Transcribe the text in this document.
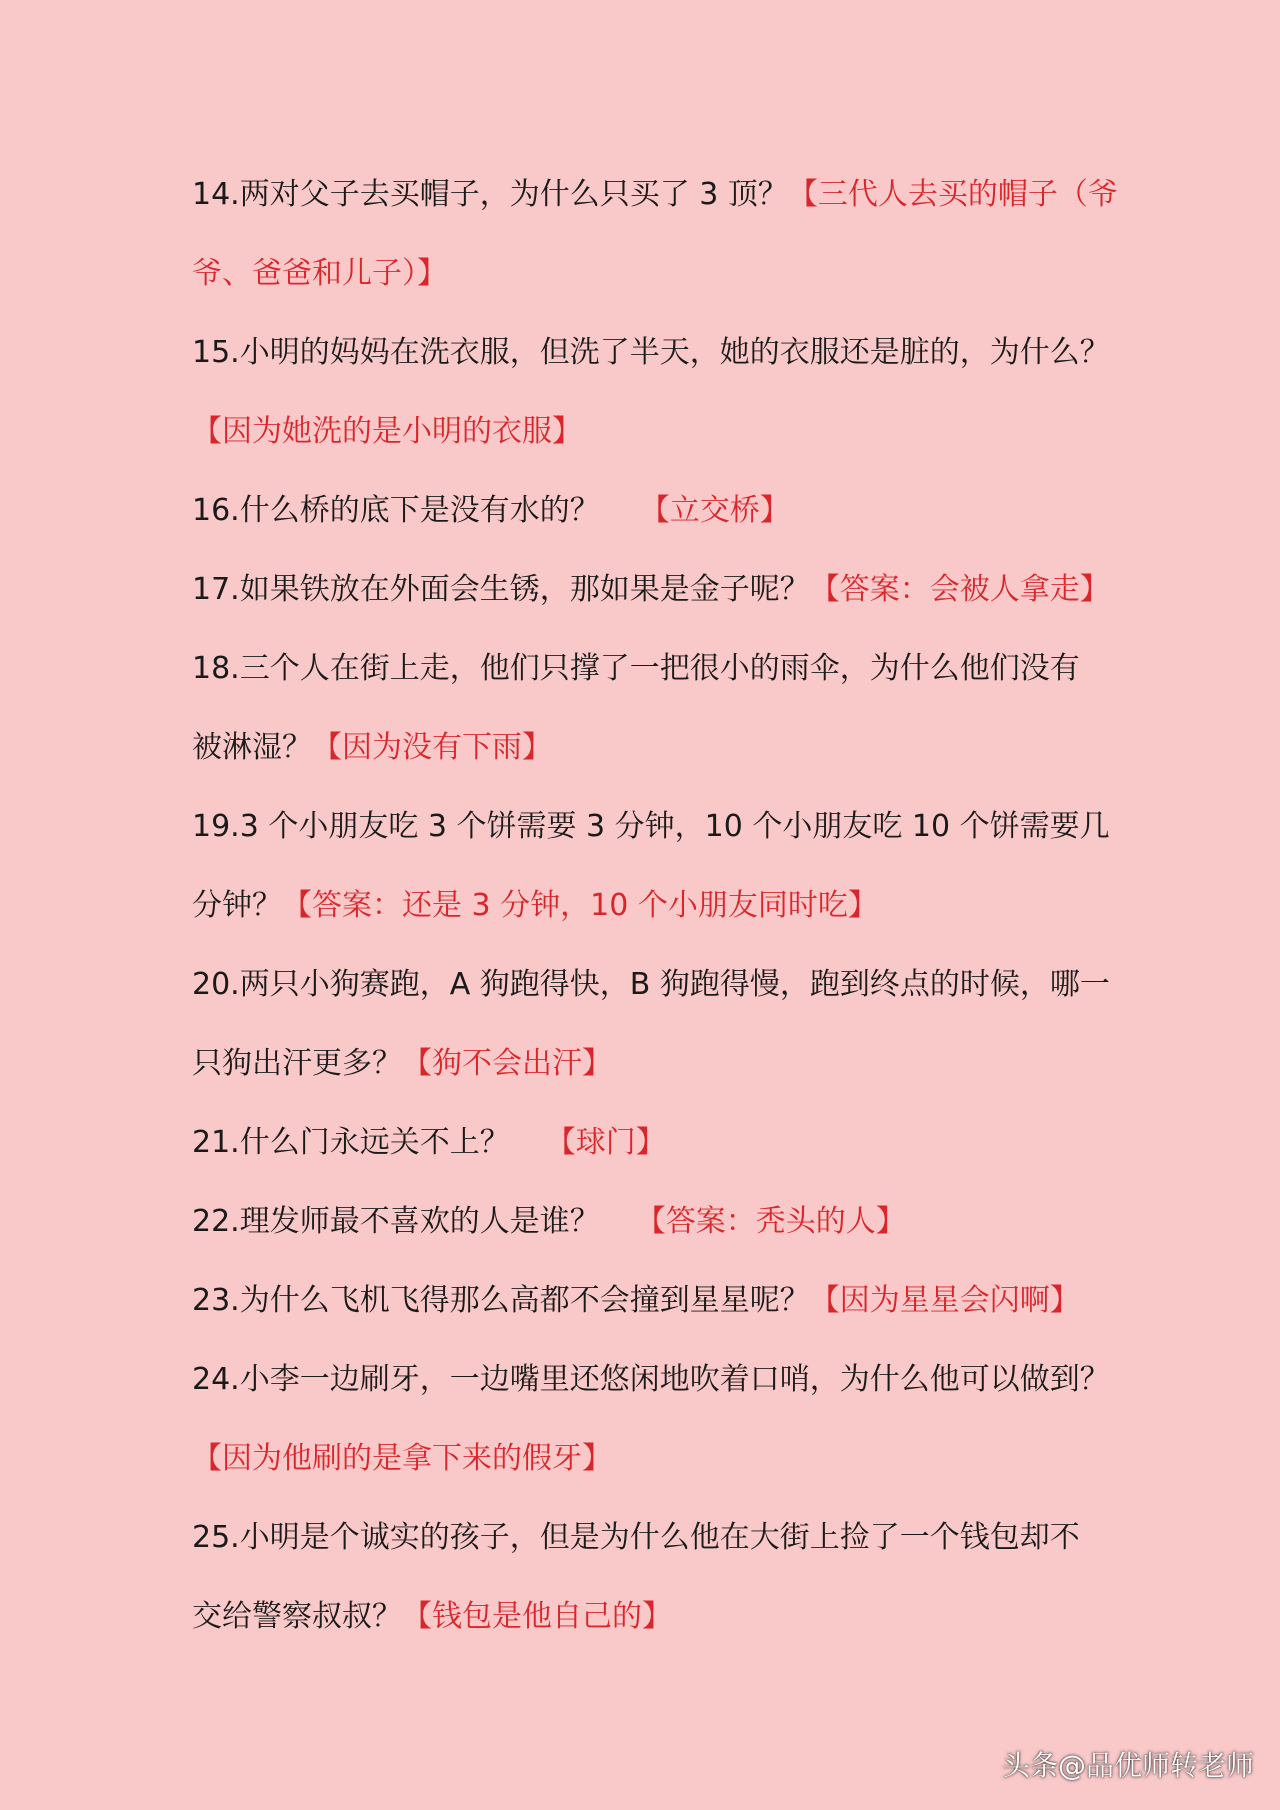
14.两对父子去买帽子，为什么只买了 3 顶？【三代人去买的帽子（爷
爷、爸爸和儿子）】
15.小明的妈妈在洗衣服，但洗了半天，她的衣服还是脏的，为什么？
【因为她洗的是小明的衣服】
16.什么桥的底下是没有水的？ 【立交桥】
17.如果铁放在外面会生锈，那如果是金子呢？【答案：会被人拿走】
18.三个人在街上走，他们只撑了一把很小的雨伞，为什么他们没有
被淋湿？【因为没有下雨】
19.3 个小朋友吃 3 个饼需要 3 分钟，10 个小朋友吃 10 个饼需要几
分钟？【答案：还是 3 分钟，10 个小朋友同时吃】
20.两只小狗赛跑，A 狗跑得快，B 狗跑得慢，跑到终点的时候，哪一
只狗出汗更多？【狗不会出汗】
21.什么门永远关不上？ 【球门】
22.理发师最不喜欢的人是谁？ 【答案：秃头的人】
23.为什么飞机飞得那么高都不会撞到星星呢？【因为星星会闪啊】
24.小李一边刷牙，一边嘴里还悠闲地吹着口哨，为什么他可以做到？
【因为他刷的是拿下来的假牙】
25.小明是个诚实的孩子，但是为什么他在大街上捡了一个钱包却不
交给警察叔叔？【钱包是他自己的】
头条@品优师转老师
